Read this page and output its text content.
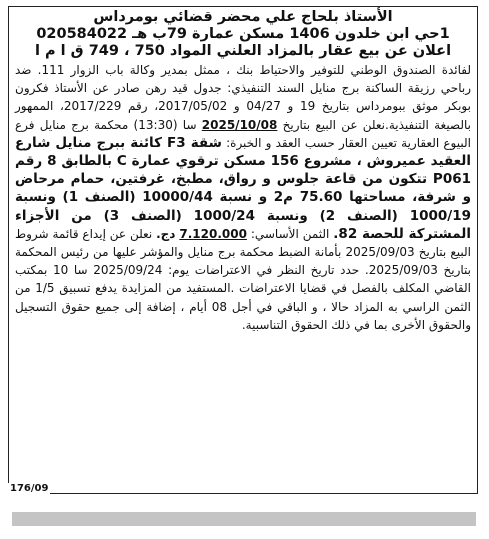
الأستاذ بلحاج علي محضر قضائي بومرداس
1حي ابن خلدون 1406 مسكن عمارة 79ب هـ 020584022
اعلان عن بيع عقار بالمزاد العلني المواد 750 ، 749 ق ا م ا
لفائدة الصندوق الوطني للتوفير والاحتياط بنك ، ممثل بمدير وكالة باب الزوار 111. ضد رباحي رزيقة الساكنة برج منايل السند التنفيذي: جدول قيد رهن صادر عن الأستاذ فكرون بوبكر موثق ببومرداس بتاريخ 19 و 04/27 و 2017/05/02، رقم 2017/229، الممهور بالصيغة التنفيذية.نعلن عن البيع بتاريخ 2025/10/08 سا (13:30) محكمة برج منايل فرع البيوع العقارية تعيين العقار حسب العقد و الخبرة: شقة F3 كائنة ببرج منايل شارع العقيد عميروش ، مشروع 156 مسكن ترقوي عمارة C بالطابق 8 رقم P061 تتكون من قاعة جلوس و رواق، مطبخ، غرفتين، حمام مرحاض و شرفة، مساحتها 75.60 م2 و نسبة 10000/44 (الصنف 1) ونسبة 1000/19 (الصنف 2) ونسبة 1000/24 (الصنف 3) من الأجزاء المشتركة للحصة 82. الثمن الأساسي: 7.120.000 دج. نعلن عن إيداع قائمة شروط البيع بتاريخ 2025/09/03 بأمانة الضبط محكمة برج منايل والمؤشر عليها من رئيس المحكمة بتاريخ 2025/09/03. حدد تاريخ النظر في الاعتراضات يوم: 2025/09/24 سا 10 بمكتب القاضي المكلف بالفصل في قضايا الاعتراضات .المستفيد من المزايدة يدفع تسبيق 1/5 من الثمن الراسي به المزاد حالا ، و الباقي في أجل 08 أيام ، إضافة إلى جميع حقوق التسجيل والحقوق الأخرى بما في ذلك الحقوق التناسبية.
176/09
